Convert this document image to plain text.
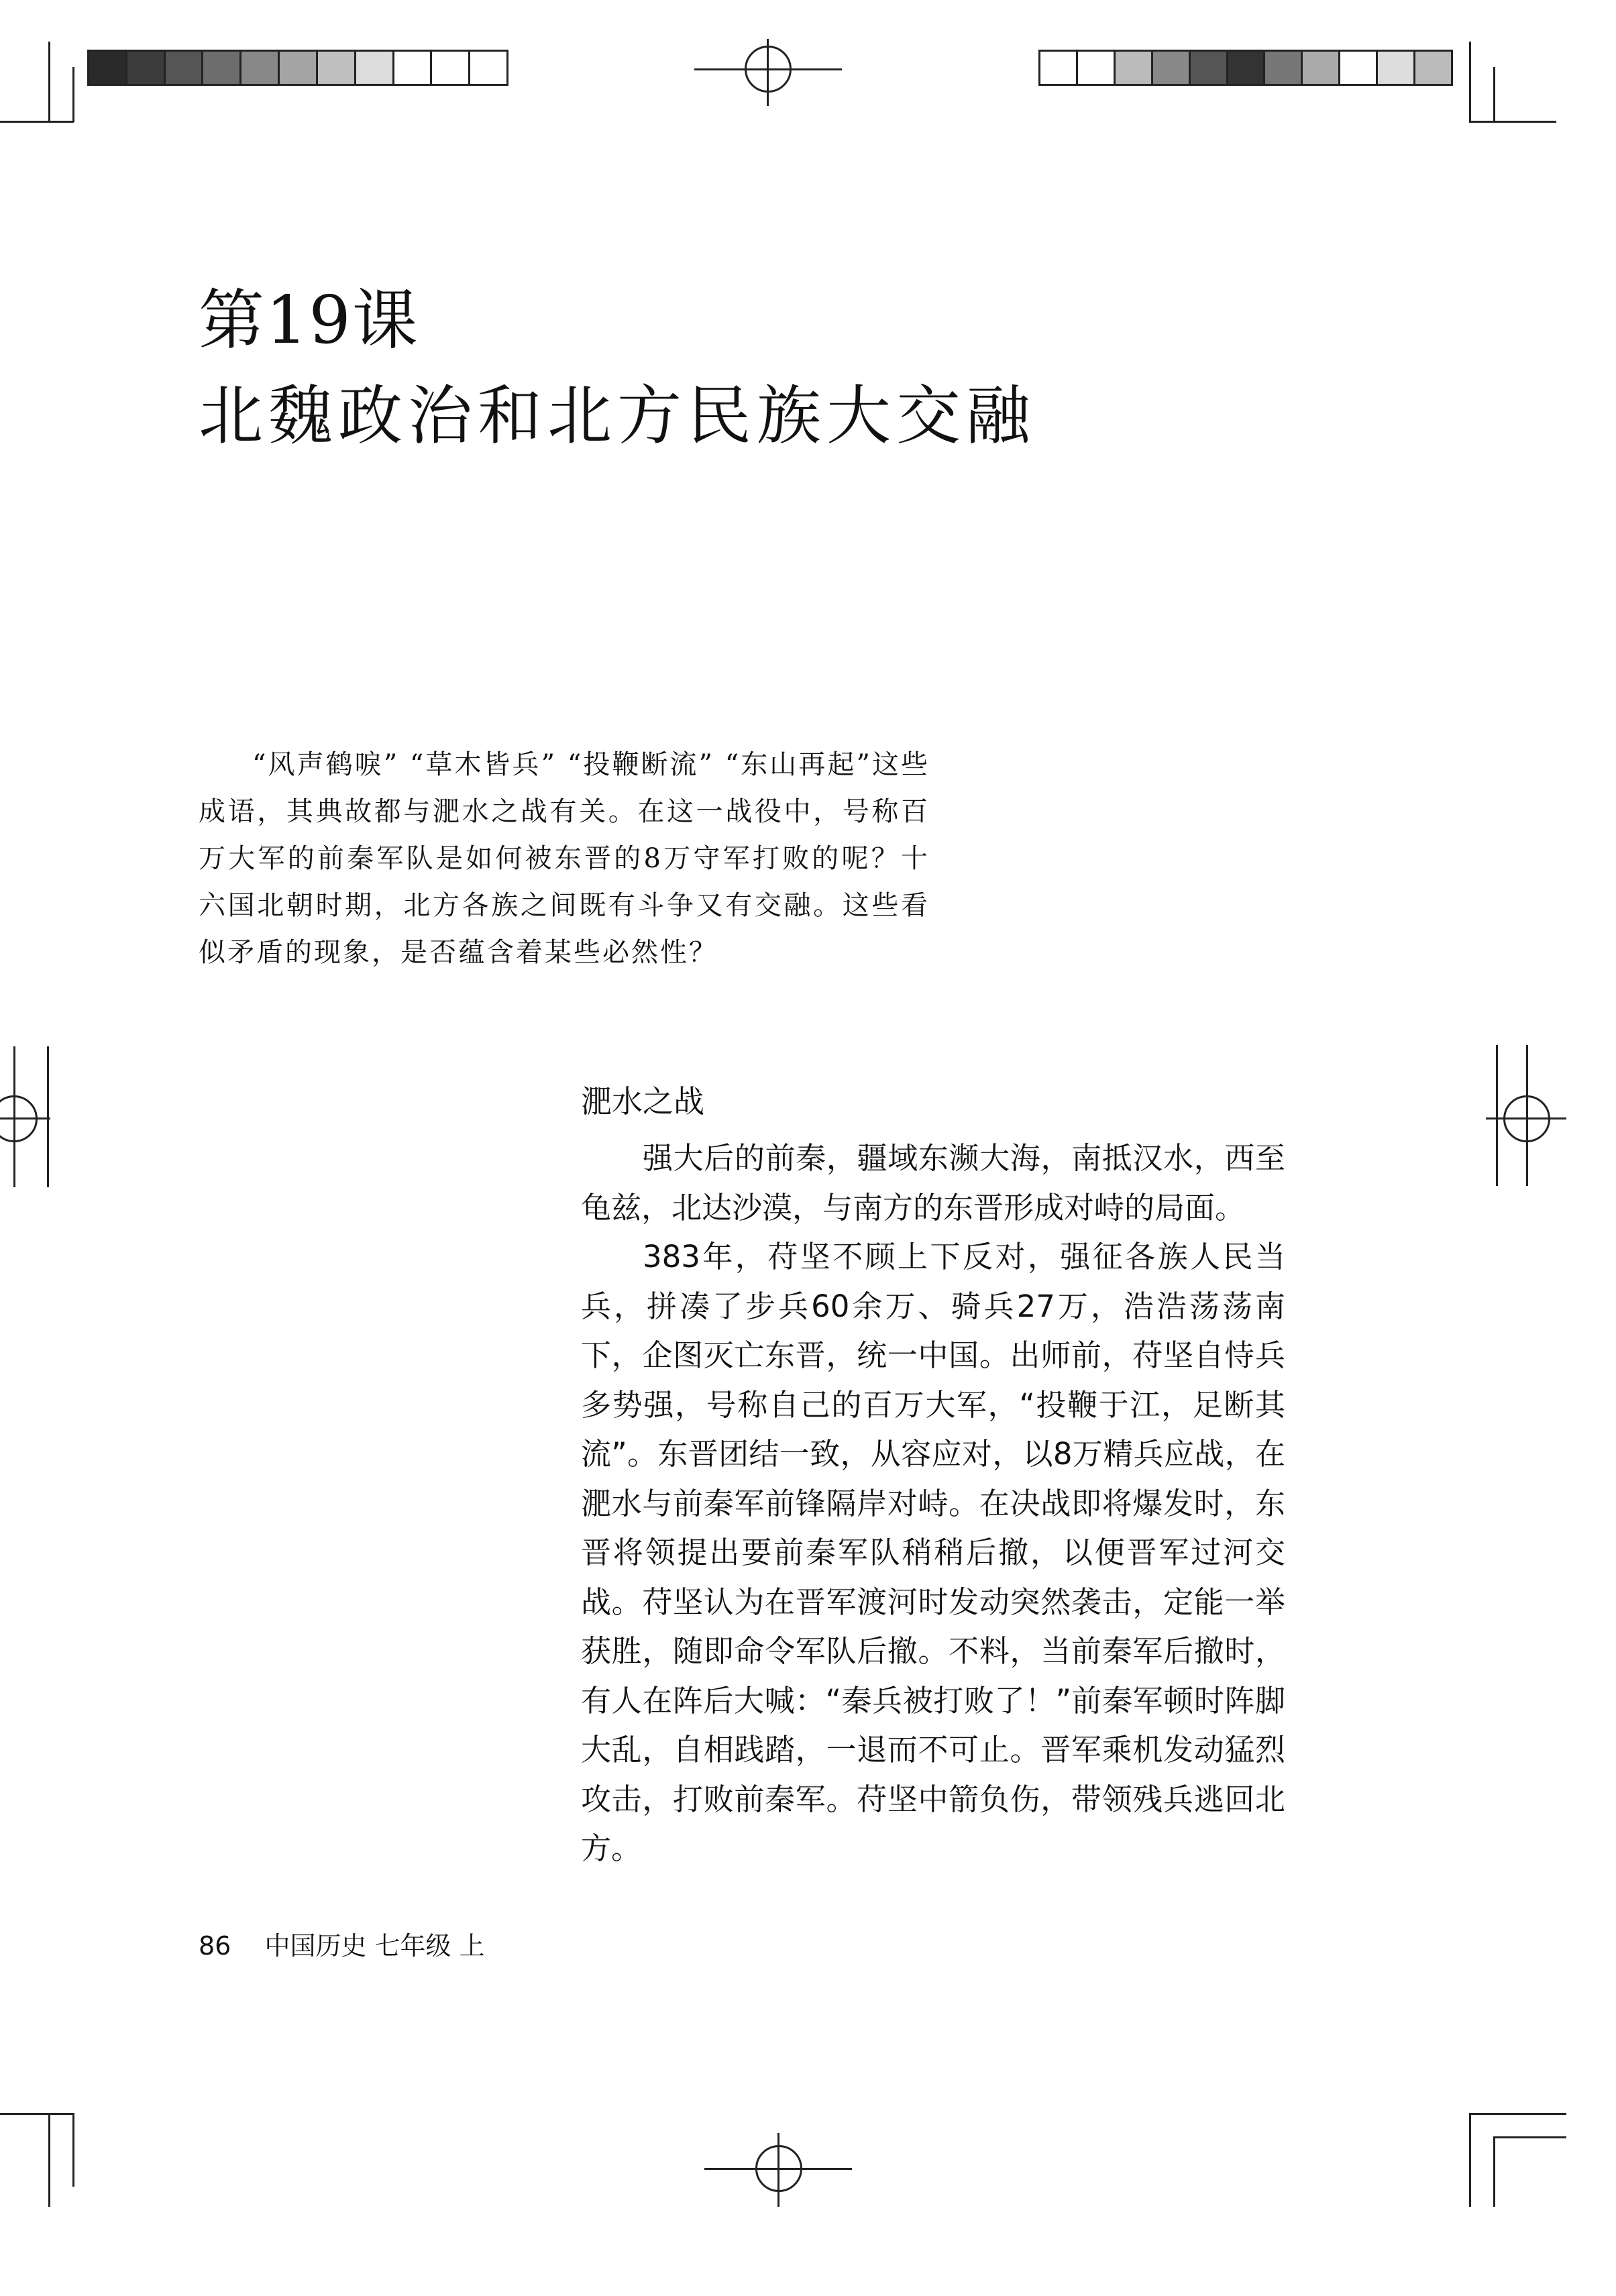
第19课
北魏政治和北方民族大交融
“风声鹤唳” “草木皆兵” “投鞭断流” “东山再起”这些成语，其典故都与淝水之战有关。在这一战役中，号称百万大军的前秦军队是如何被东晋的8万守军打败的呢？十六国北朝时期，北方各族之间既有斗争又有交融。这些看似矛盾的现象，是否蕴含着某些必然性？
淝水之战

强大后的前秦，疆域东濒大海，南抵汉水，西至龟兹，北达沙漠，与南方的东晋形成对峙的局面。

383年，苻坚不顾上下反对，强征各族人民当兵，拼凑了步兵60余万、骑兵27万，浩浩荡荡南下，企图灭亡东晋，统一中国。出师前，苻坚自恃兵多势强，号称自己的百万大军，“投鞭于江，足断其流”。东晋团结一致，从容应对，以8万精兵应战，在淝水与前秦军前锋隔岸对峙。在决战即将爆发时，东晋将领提出要前秦军队稍稍后撤，以便晋军过河交战。苻坚认为在晋军渡河时发动突然袭击，定能一举获胜，随即命令军队后撤。不料，当前秦军后撤时，有人在阵后大喊：“秦兵被打败了！”前秦军顿时阵脚大乱，自相践踏，一退而不可止。晋军乘机发动猛烈攻击，打败前秦军。苻坚中箭负伤，带领残兵逃回北方。

86 中国历史 七年级 上
